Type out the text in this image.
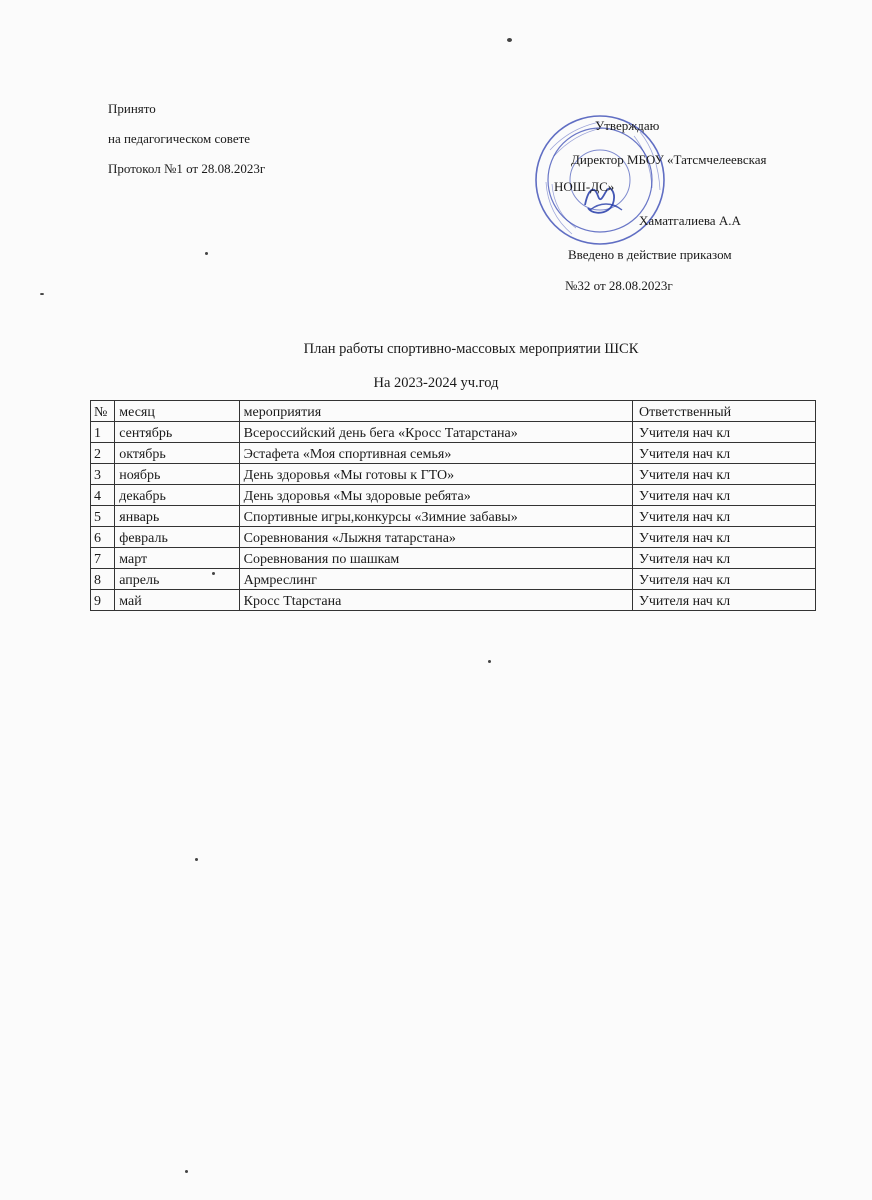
Принято
на педагогическом совете
Протокол №1 от 28.08.2023г
Утверждаю
Директор МБОУ «Татсмчелеевская
НОШ-ДС»
Хаматгалиева А.А
Введено в действие приказом
№32 от 28.08.2023г
План работы спортивно-массовых мероприятии ШСК
На 2023-2024 уч.год
№	месяц	мероприятия	Ответственный
1	сентябрь	Всероссийский день бега «Кросс Татарстана»	Учителя нач кл
2	октябрь	Эстафета «Моя спортивная семья»	Учителя нач кл
3	ноябрь	День здоровья «Мы готовы к ГТО»	Учителя нач кл
4	декабрь	День здоровья «Мы здоровые ребята»	Учителя нач кл
5	январь	Спортивные игры,конкурсы «Зимние забавы»	Учителя нач кл
6	февраль	Соревнования «Лыжня татарстана»	Учителя нач кл
7	март	Соревнования по шашкам	Учителя нач кл
8	апрель	Армреслинг	Учителя нач кл
9	май	Кросс Тtарстана	Учителя нач кл
